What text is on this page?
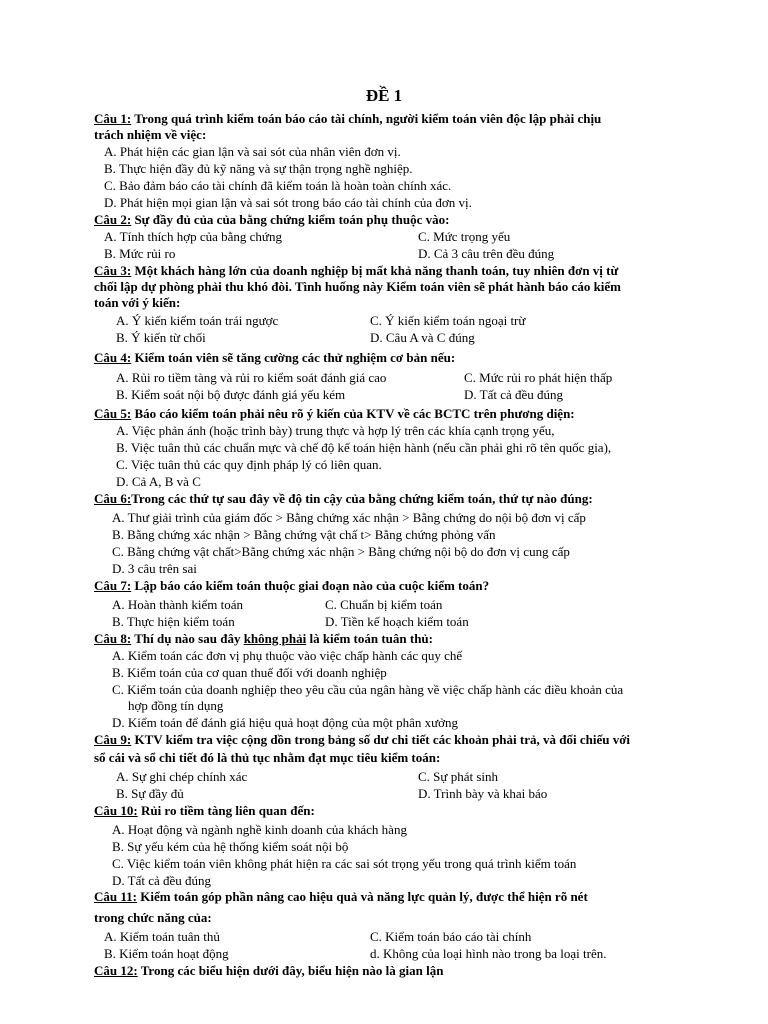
ĐỀ 1
Câu 1: Trong quá trình kiểm toán báo cáo tài chính, người kiểm toán viên độc lập phải chịu
trách nhiệm về việc:
A. Phát hiện các gian lận và sai sót của nhân viên đơn vị.
B. Thực hiện đầy đủ kỹ năng và sự thận trọng nghề nghiệp.
C. Bảo đảm báo cáo tài chính đã kiểm toán là hoàn toàn chính xác.
D. Phát hiện mọi gian lận và sai sót trong báo cáo tài chính của đơn vị.
Câu 2: Sự đầy đủ của của bằng chứng kiểm toán phụ thuộc vào:
A. Tính thích hợp của bằng chứng	C. Mức trọng yếu
B. Mức rủi ro	D. Cả 3 câu trên đều đúng
Câu 3: Một khách hàng lớn của doanh nghiệp bị mất khả năng thanh toán, tuy nhiên đơn vị từ
chối lập dự phòng phải thu khó đòi. Tình huống này Kiểm toán viên sẽ phát hành báo cáo kiểm
toán với ý kiến:
A. Ý kiến kiểm toán trái ngược	C. Ý kiến kiểm toán ngoại trừ
B. Ý kiến từ chối	D. Câu A và C đúng
Câu 4: Kiểm toán viên sẽ tăng cường các thử nghiệm cơ bản nếu:
A. Rủi ro tiềm tàng và rủi ro kiểm soát đánh giá cao	C. Mức rủi ro phát hiện thấp
B. Kiểm soát nội bộ được đánh giá yếu kém	D. Tất cả đều đúng
Câu 5: Báo cáo kiểm toán phải nêu rõ ý kiến của KTV về các BCTC trên phương diện:
A. Việc phản ánh (hoặc trình bày) trung thực và hợp lý trên các khía cạnh trọng yếu,
B. Việc tuân thủ các chuẩn mực và chế độ kế toán hiện hành (nếu cần phải ghi rõ tên quốc gia),
C. Việc tuân thủ các quy định pháp lý có liên quan.
D. Cả A, B và C
Câu 6:Trong các thứ tự sau đây về độ tin cậy của bằng chứng kiểm toán, thứ tự nào đúng:
A. Thư giải trình của giám đốc > Bằng chứng xác nhận > Bằng chứng do nội bộ đơn vị cấp
B. Bằng chứng xác nhận > Bằng chứng vật chấ t> Bằng chứng phỏng vấn
C. Bằng chứng vật chất>Bằng chứng xác nhận > Bằng chứng nội bộ do đơn vị cung cấp
D. 3 câu trên sai
Câu 7: Lập báo cáo kiểm toán thuộc giai đoạn nào của cuộc kiểm toán?
A. Hoàn thành kiểm toán	C. Chuẩn bị kiểm toán
B. Thực hiện kiểm toán	D. Tiền kế hoạch kiểm toán
Câu 8: Thí dụ nào sau đây không phải là kiểm toán tuân thủ:
A. Kiểm toán các đơn vị phụ thuộc vào việc chấp hành các quy chế
B. Kiểm toán của cơ quan thuế đối với doanh nghiệp
C. Kiểm toán của doanh nghiệp theo yêu cầu của ngân hàng về việc chấp hành các điều khoản của
hợp đồng tín dụng
D. Kiểm toán để đánh giá hiệu quả hoạt động của một phân xưởng
Câu 9: KTV kiểm tra việc cộng dồn trong bảng số dư chi tiết các khoản phải trả, và đối chiếu với
sổ cái và sổ chi tiết đó là thủ tục nhằm đạt mục tiêu kiểm toán:
A. Sự ghi chép chính xác	C. Sự phát sinh
B. Sự đầy đủ	D. Trình bày và khai báo
Câu 10: Rủi ro tiềm tàng liên quan đến:
A. Hoạt động và ngành nghề kinh doanh của khách hàng
B. Sự yếu kém của hệ thống kiểm soát nội bộ
C. Việc kiểm toán viên không phát hiện ra các sai sót trọng yếu trong quá trình kiểm toán
D. Tất cả đều đúng
Câu 11: Kiểm toán góp phần nâng cao hiệu quả và năng lực quản lý, được thể hiện rõ nét
trong chức năng của:
A. Kiểm toán tuân thủ	C. Kiểm toán báo cáo tài chính
B. Kiểm toán hoạt động	d. Không của loại hình nào trong ba loại trên.
Câu 12: Trong các biểu hiện dưới đây, biểu hiện nào là gian lận
